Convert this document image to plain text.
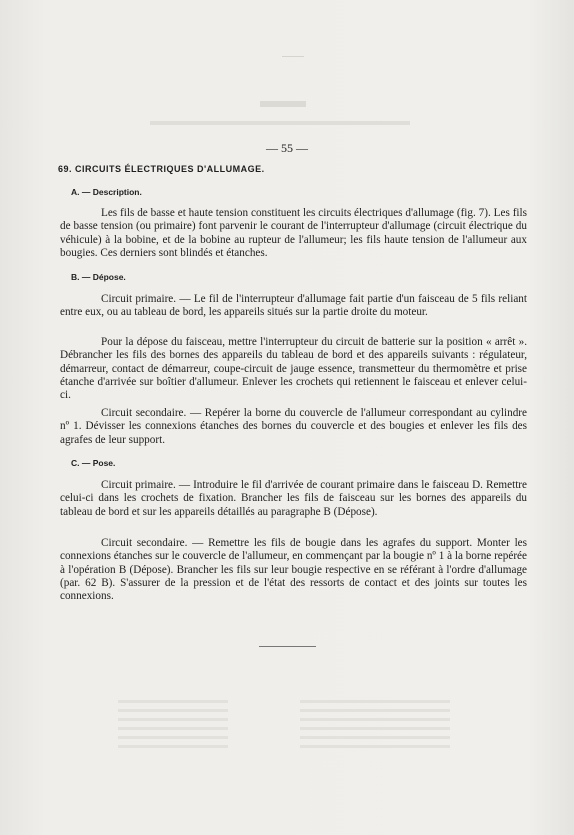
— 55 —
69. CIRCUITS ÉLECTRIQUES D'ALLUMAGE.
A. — Description.

Les fils de basse et haute tension constituent les circuits électriques d'allumage (fig. 7). Les fils de basse tension (ou primaire) font parvenir le courant de l'interrupteur d'allumage (circuit électrique du véhicule) à la bobine, et de la bobine au rupteur de l'allumeur; les fils haute tension de l'allumeur aux bougies. Ces derniers sont blindés et étanches.

B. — Dépose.

Circuit primaire. — Le fil de l'interrupteur d'allumage fait partie d'un faisceau de 5 fils reliant entre eux, ou au tableau de bord, les appareils situés sur la partie droite du moteur.

Pour la dépose du faisceau, mettre l'interrupteur du circuit de batterie sur la position « arrêt ». Débrancher les fils des bornes des appareils du tableau de bord et des appareils suivants : régulateur, démarreur, contact de démarreur, coupe-circuit de jauge essence, transmetteur du thermomètre et prise étanche d'arrivée sur boîtier d'allumeur. Enlever les crochets qui retiennent le faisceau et enlever celui-ci.

Circuit secondaire. — Repérer la borne du couvercle de l'allumeur correspondant au cylindre nº 1. Dévisser les connexions étanches des bornes du couvercle et des bougies et enlever les fils des agrafes de leur support.

C. — Pose.

Circuit primaire. — Introduire le fil d'arrivée de courant primaire dans le faisceau D. Remettre celui-ci dans les crochets de fixation. Brancher les fils de faisceau sur les bornes des appareils du tableau de bord et sur les appareils détaillés au paragraphe B (Dépose).

Circuit secondaire. — Remettre les fils de bougie dans les agrafes du support. Monter les connexions étanches sur le couvercle de l'allumeur, en commençant par la bougie nº 1 à la borne repérée à l'opération B (Dépose). Brancher les fils sur leur bougie respective en se référant à l'ordre d'allumage (par. 62 B). S'assurer de la pression et de l'état des ressorts de contact et des joints sur toutes les connexions.
